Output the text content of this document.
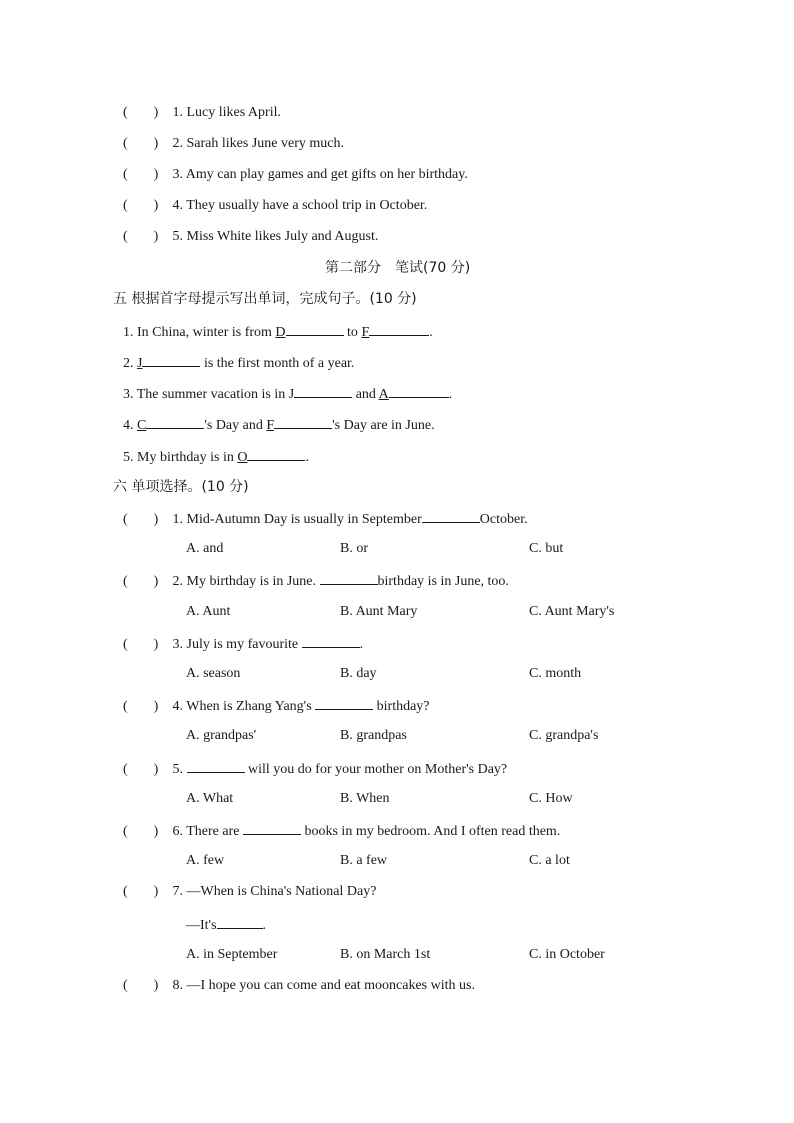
( ) 1. Lucy likes April.
( ) 2. Sarah likes June very much.
( ) 3. Amy can play games and get gifts on her birthday.
( ) 4. They usually have a school trip in October.
( ) 5. Miss White likes July and August.
第二部分　笔试(70 分)
五 根据首字母提示写出单词，完成句子。(10 分)
1. In China, winter is from D	to F	.
2. J	is the first month of a year.
3. The summer vacation is in J	and A	.
4. C	's Day and F	's Day are in June.
5. My birthday is in O	.
六 单项选择。(10 分)
( ) 1. Mid-Autumn Day is usually in September	October.
A. and	B. or	C. but
( ) 2. My birthday is in June.	birthday is in June, too.
A. Aunt	B. Aunt Mary	C. Aunt Mary's
( ) 3. July is my favourite	.
A. season	B. day	C. month
( ) 4. When is Zhang Yang's	birthday?
A. grandpas'	B. grandpas	C. grandpa's
( ) 5.	will you do for your mother on Mother's Day?
A. What	B. When	C. How
( ) 6. There are	books in my bedroom. And I often read them.
A. few	B. a few	C. a lot
( ) 7. —When is China's National Day?
—It's	.
A. in September	B. on March 1st	C. in October
( ) 8. —I hope you can come and eat mooncakes with us.
